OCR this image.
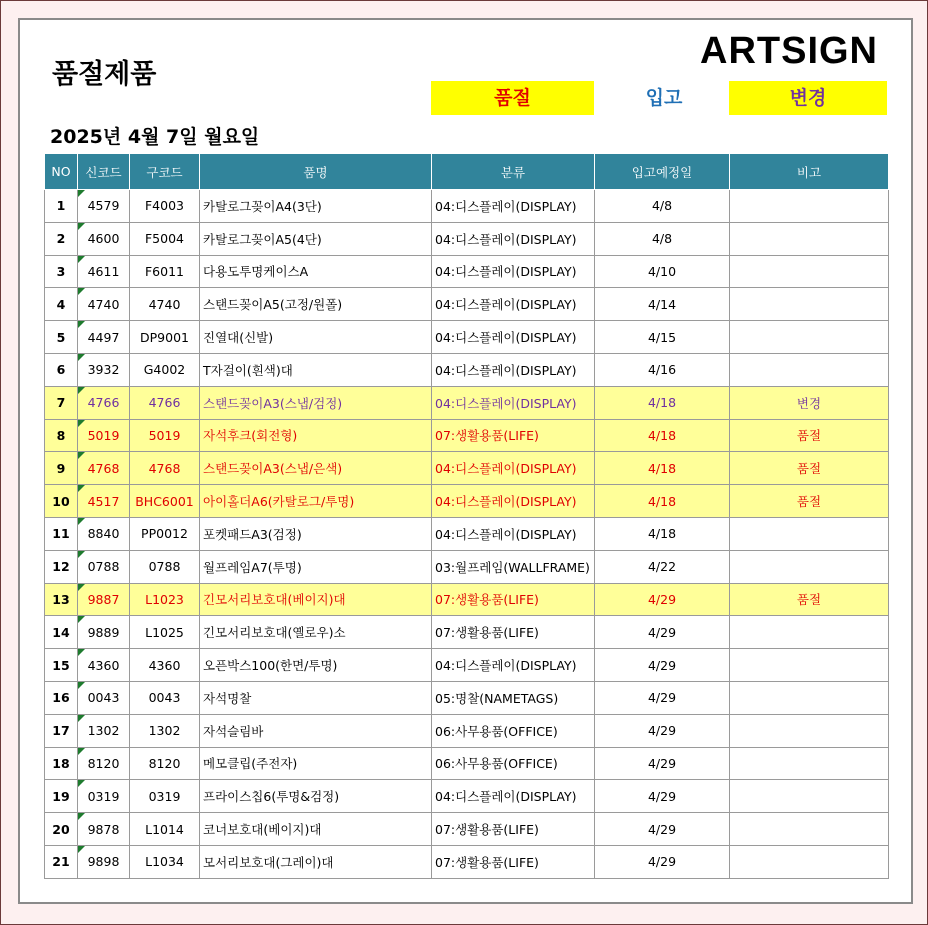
품절제품
ARTSIGN
품절	입고	변경
2025년 4월 7일 월요일
NO	신코드	구코드	품명	분류	입고예정일	비고
1	4579	F4003	카탈로그꽂이A4(3단)	04:디스플레이(DISPLAY)	4/8	
2	4600	F5004	카탈로그꽂이A5(4단)	04:디스플레이(DISPLAY)	4/8	
3	4611	F6011	다용도투명케이스A	04:디스플레이(DISPLAY)	4/10	
4	4740	4740	스탠드꽂이A5(고정/원폴)	04:디스플레이(DISPLAY)	4/14	
5	4497	DP9001	진열대(신발)	04:디스플레이(DISPLAY)	4/15	
6	3932	G4002	T자걸이(흰색)대	04:디스플레이(DISPLAY)	4/16	
7	4766	4766	스탠드꽂이A3(스냅/검정)	04:디스플레이(DISPLAY)	4/18	변경
8	5019	5019	자석후크(회전형)	07:생활용품(LIFE)	4/18	품절
9	4768	4768	스탠드꽂이A3(스냅/은색)	04:디스플레이(DISPLAY)	4/18	품절
10	4517	BHC6001	아이홀더A6(카탈로그/투명)	04:디스플레이(DISPLAY)	4/18	품절
11	8840	PP0012	포켓패드A3(검정)	04:디스플레이(DISPLAY)	4/18	
12	0788	0788	월프레임A7(투명)	03:월프레임(WALLFRAME)	4/22	
13	9887	L1023	긴모서리보호대(베이지)대	07:생활용품(LIFE)	4/29	품절
14	9889	L1025	긴모서리보호대(옐로우)소	07:생활용품(LIFE)	4/29	
15	4360	4360	오픈박스100(한면/투명)	04:디스플레이(DISPLAY)	4/29	
16	0043	0043	자석명찰	05:명찰(NAMETAGS)	4/29	
17	1302	1302	자석슬림바	06:사무용품(OFFICE)	4/29	
18	8120	8120	메모클립(주전자)	06:사무용품(OFFICE)	4/29	
19	0319	0319	프라이스칩6(투명&검정)	04:디스플레이(DISPLAY)	4/29	
20	9878	L1014	코너보호대(베이지)대	07:생활용품(LIFE)	4/29	
21	9898	L1034	모서리보호대(그레이)대	07:생활용품(LIFE)	4/29	
